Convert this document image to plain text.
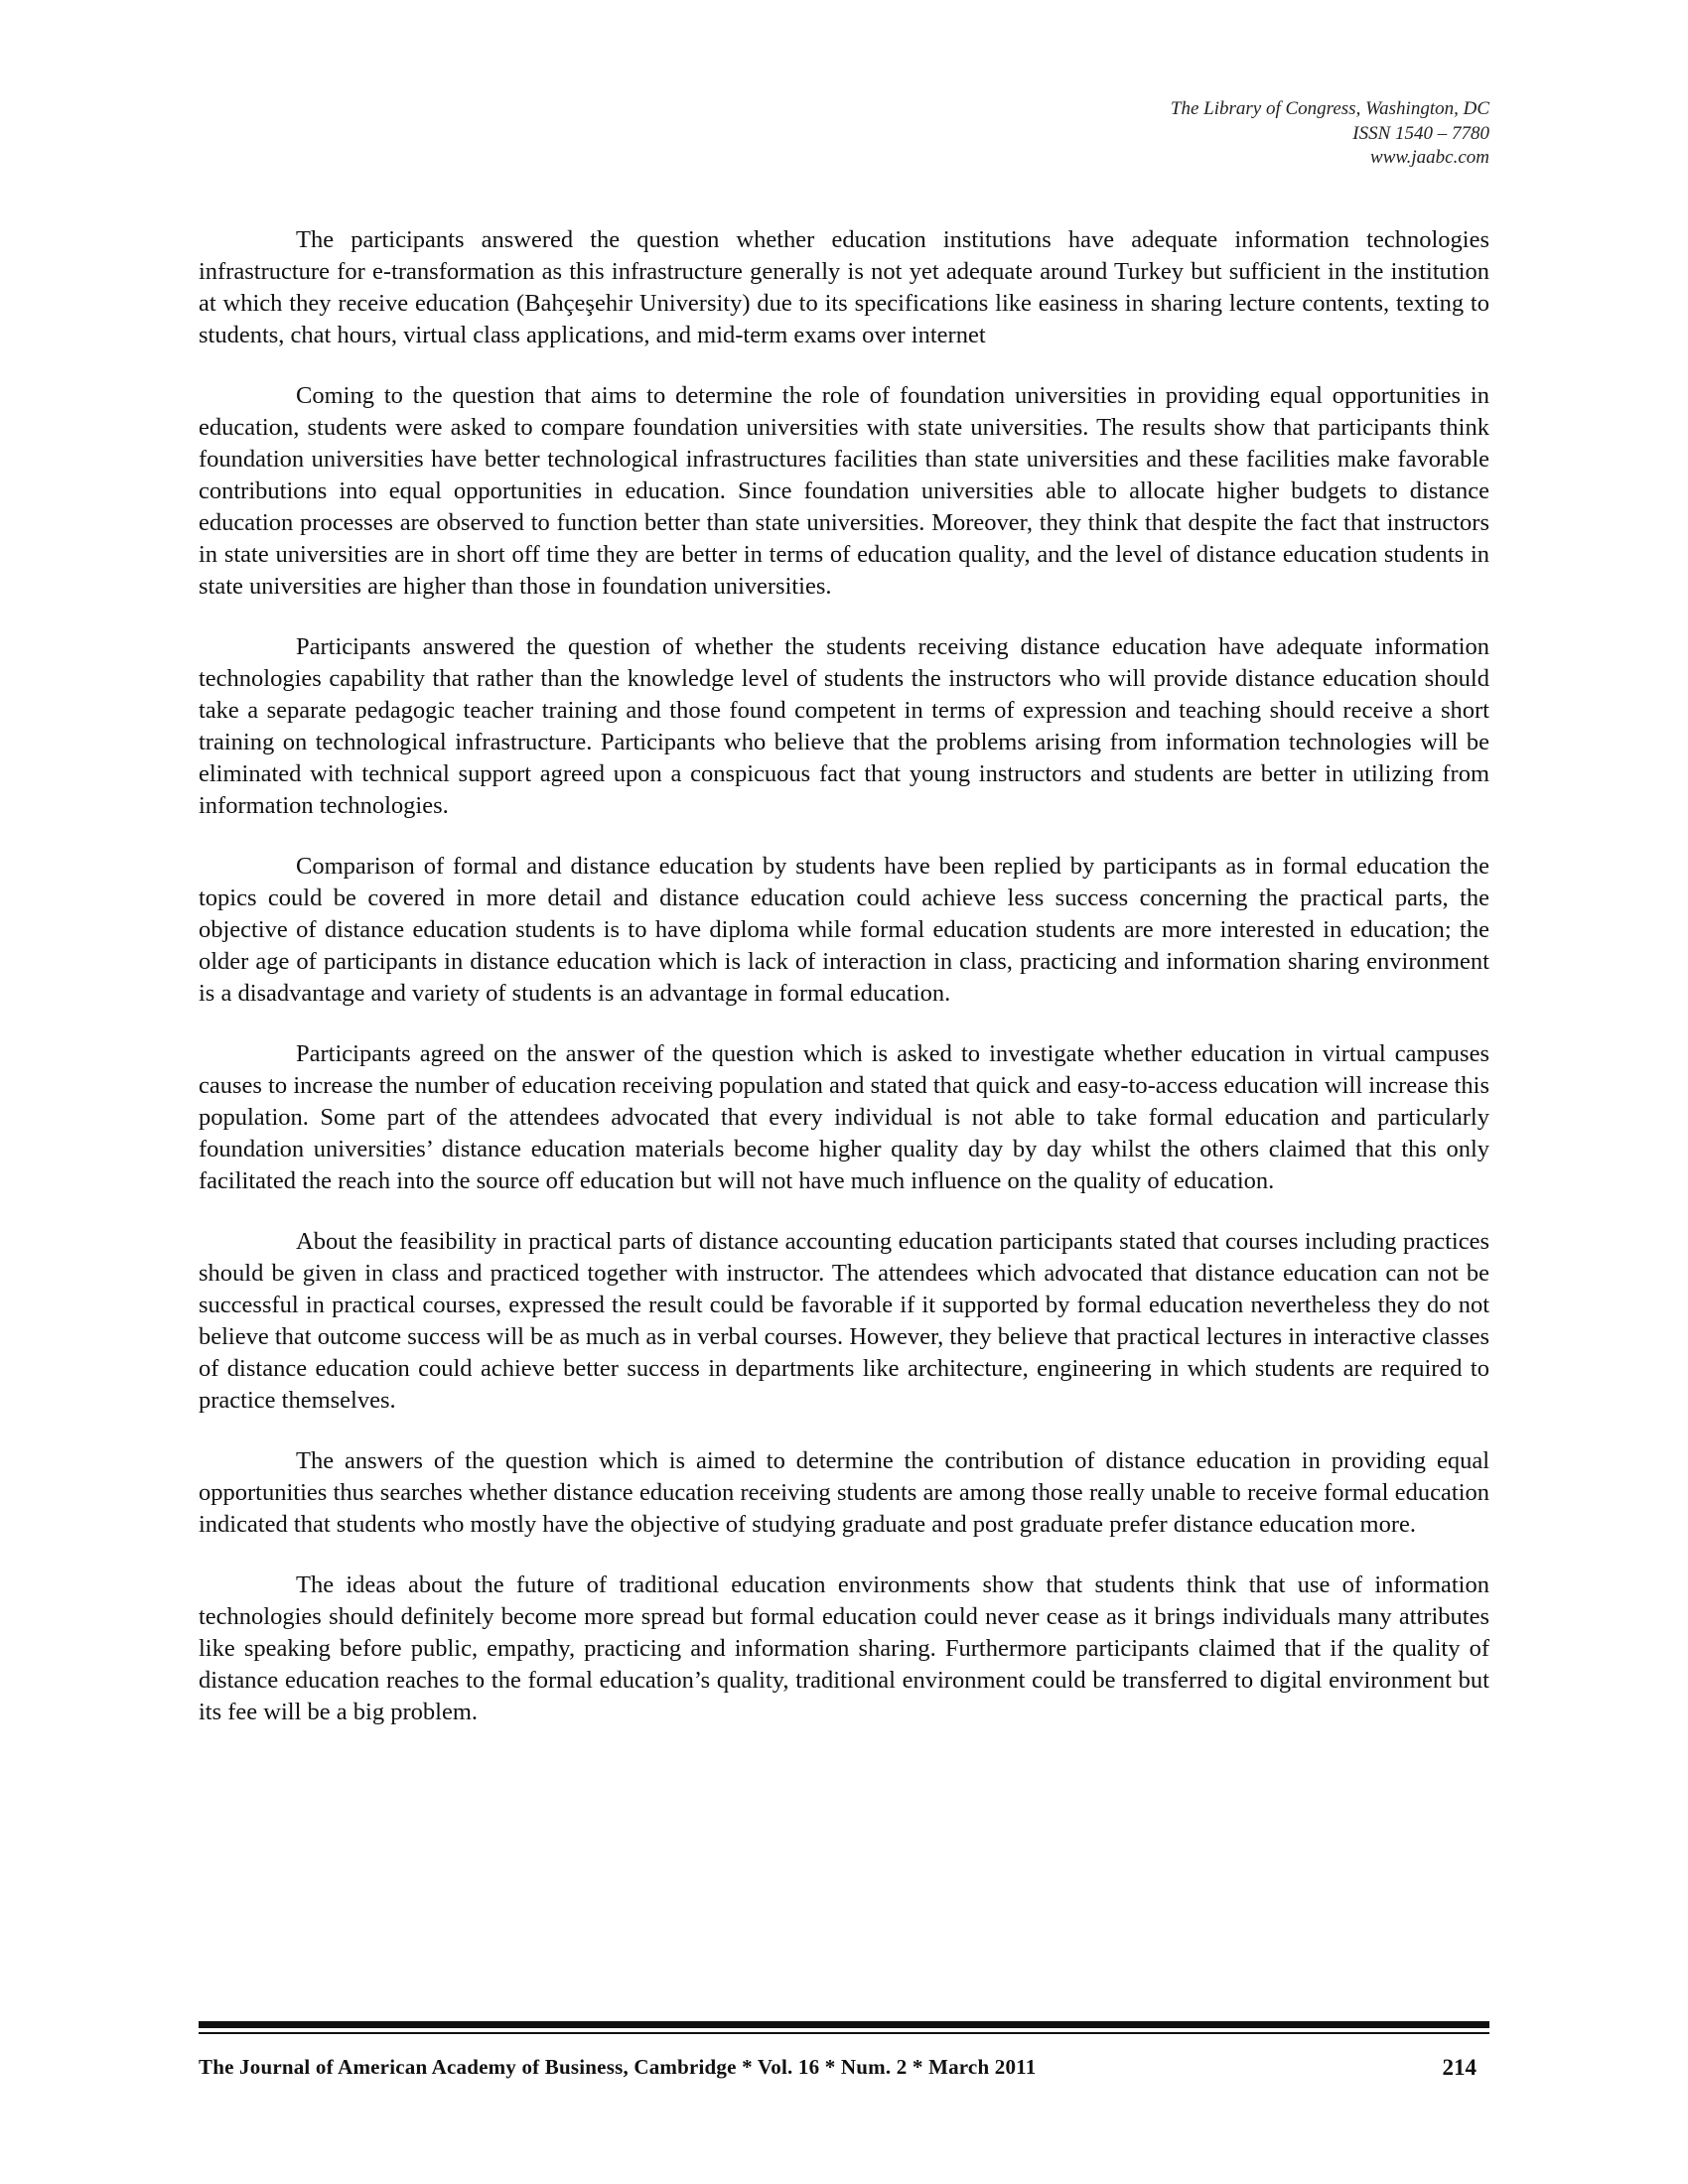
The Library of Congress, Washington, DC
ISSN 1540 – 7780
www.jaabc.com

The participants answered the question whether education institutions have adequate information technologies infrastructure for e-transformation as this infrastructure generally is not yet adequate around Turkey but sufficient in the institution at which they receive education (Bahçeşehir University) due to its specifications like easiness in sharing lecture contents, texting to students, chat hours, virtual class applications, and mid-term exams over internet

Coming to the question that aims to determine the role of foundation universities in providing equal opportunities in education, students were asked to compare foundation universities with state universities. The results show that participants think foundation universities have better technological infrastructures facilities than state universities and these facilities make favorable contributions into equal opportunities in education. Since foundation universities able to allocate higher budgets to distance education processes are observed to function better than state universities. Moreover, they think that despite the fact that instructors in state universities are in short off time they are better in terms of education quality, and the level of distance education students in state universities are higher than those in foundation universities.

Participants answered the question of whether the students receiving distance education have adequate information technologies capability that rather than the knowledge level of students the instructors who will provide distance education should take a separate pedagogic teacher training and those found competent in terms of expression and teaching should receive a short training on technological infrastructure. Participants who believe that the problems arising from information technologies will be eliminated with technical support agreed upon a conspicuous fact that young instructors and students are better in utilizing from information technologies.

Comparison of formal and distance education by students have been replied by participants as in formal education the topics could be covered in more detail and distance education could achieve less success concerning the practical parts, the objective of distance education students is to have diploma while formal education students are more interested in education; the older age of participants in distance education which is lack of interaction in class, practicing and information sharing environment is a disadvantage and variety of students is an advantage in formal education.

Participants agreed on the answer of the question which is asked to investigate whether education in virtual campuses causes to increase the number of education receiving population and stated that quick and easy-to-access education will increase this population. Some part of the attendees advocated that every individual is not able to take formal education and particularly foundation universities’ distance education materials become higher quality day by day whilst the others claimed that this only facilitated the reach into the source off education but will not have much influence on the quality of education.

About the feasibility in practical parts of distance accounting education participants stated that courses including practices should be given in class and practiced together with instructor. The attendees which advocated that distance education can not be successful in practical courses, expressed the result could be favorable if it supported by formal education nevertheless they do not believe that outcome success will be as much as in verbal courses. However, they believe that practical lectures in interactive classes of distance education could achieve better success in departments like architecture, engineering in which students are required to practice themselves.

The answers of the question which is aimed to determine the contribution of distance education in providing equal opportunities thus searches whether distance education receiving students are among those really unable to receive formal education indicated that students who mostly have the objective of studying graduate and post graduate prefer distance education more.

The ideas about the future of traditional education environments show that students think that use of information technologies should definitely become more spread but formal education could never cease as it brings individuals many attributes like speaking before public, empathy, practicing and information sharing. Furthermore participants claimed that if the quality of distance education reaches to the formal education’s quality, traditional environment could be transferred to digital environment but its fee will be a big problem.

The Journal of American Academy of Business, Cambridge * Vol. 16 * Num. 2 * March 2011	214
